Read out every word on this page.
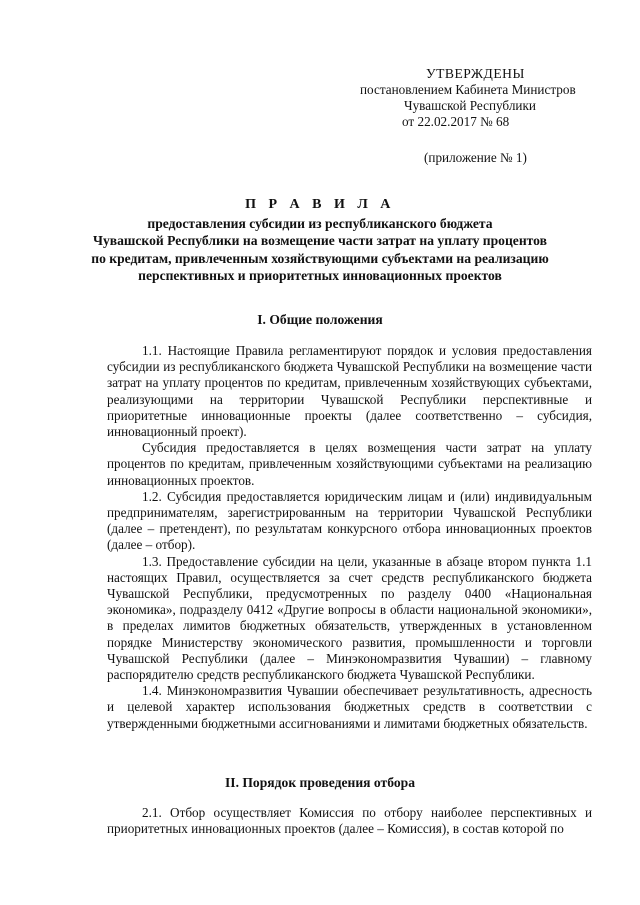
УТВЕРЖДЕНЫ
постановлением Кабинета Министров
Чувашской Республики
от 22.02.2017 № 68
(приложение № 1)
П Р А В И Л А
предоставления субсидии из республиканского бюджета
Чувашской Республики на возмещение части затрат на уплату процентов
по кредитам, привлеченным хозяйствующими субъектами на реализацию
перспективных и приоритетных инновационных проектов
I. Общие положения

1.1. Настоящие Правила регламентируют порядок и условия предоставления субсидии из республиканского бюджета Чувашской Республики на возмещение части затрат на уплату процентов по кредитам, привлеченным хозяйствующих субъектами, реализующими на территории Чувашской Республики перспективные и приоритетные инновационные проекты (далее соответственно – субсидия, инновационный проект).

Субсидия предоставляется в целях возмещения части затрат на уплату процентов по кредитам, привлеченным хозяйствующими субъектами на реализацию инновационных проектов.

1.2. Субсидия предоставляется юридическим лицам и (или) индивидуальным предпринимателям, зарегистрированным на территории Чувашской Республики (далее – претендент), по результатам конкурсного отбора инновационных проектов (далее – отбор).

1.3. Предоставление субсидии на цели, указанные в абзаце втором пункта 1.1 настоящих Правил, осуществляется за счет средств республиканского бюджета Чувашской Республики, предусмотренных по разделу 0400 «Национальная экономика», подразделу 0412 «Другие вопросы в области национальной экономики», в пределах лимитов бюджетных обязательств, утвержденных в установленном порядке Министерству экономического развития, промышленности и торговли Чувашской Республики (далее – Минэкономразвития Чувашии) – главному распорядителю средств республиканского бюджета Чувашской Республики.

1.4. Минэкономразвития Чувашии обеспечивает результативность, адресность и целевой характер использования бюджетных средств в соответствии с утвержденными бюджетными ассигнованиями и лимитами бюджетных обязательств.

II. Порядок проведения отбора

2.1. Отбор осуществляет Комиссия по отбору наиболее перспективных и приоритетных инновационных проектов (далее – Комиссия), в состав которой по
